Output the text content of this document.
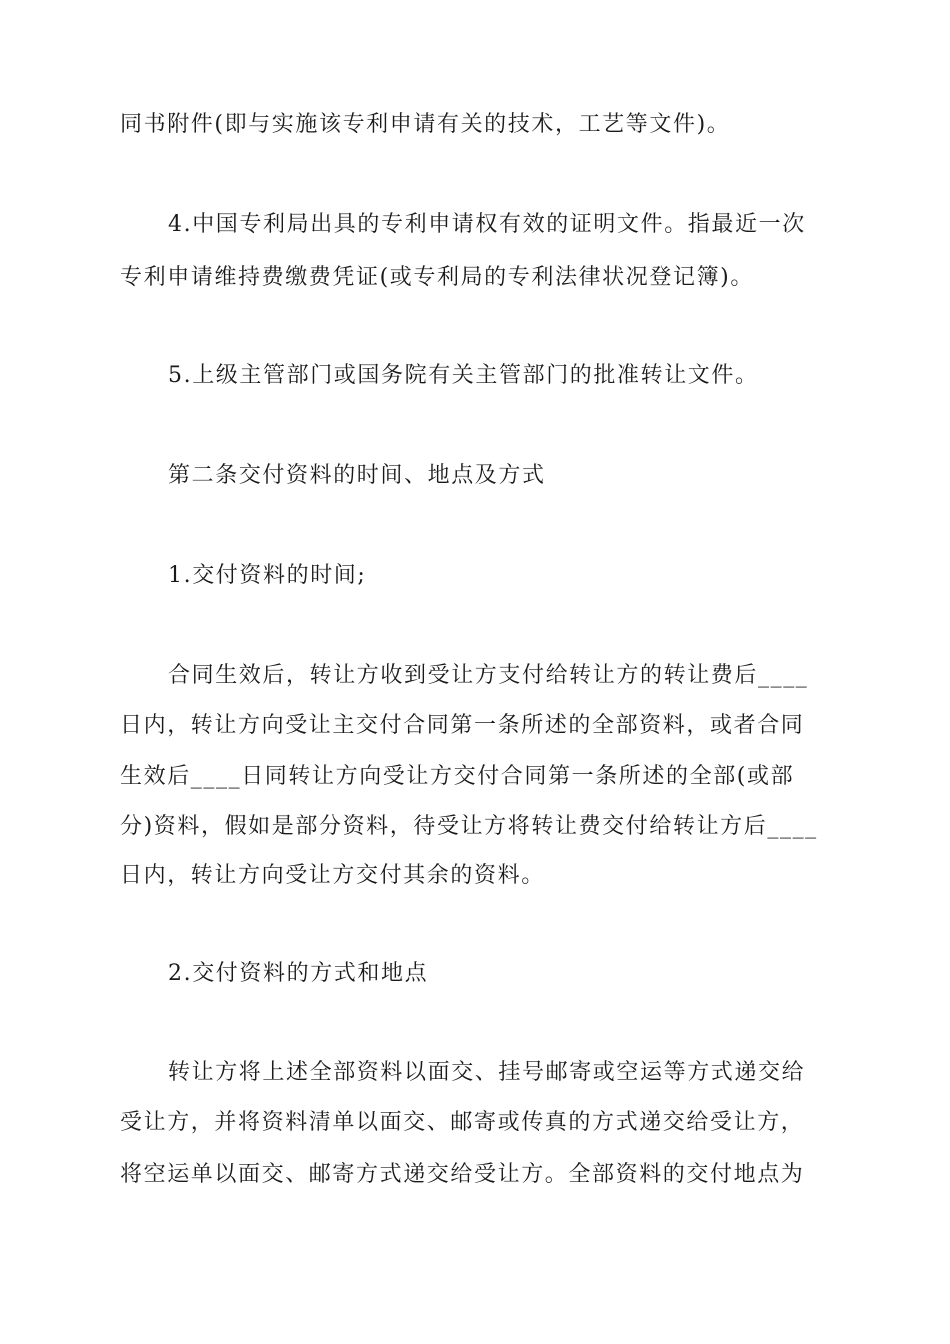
同书附件(即与实施该专利申请有关的技术，工艺等文件)。

4.中国专利局出具的专利申请权有效的证明文件。指最近一次

专利申请维持费缴费凭证(或专利局的专利法律状况登记簿)。

5.上级主管部门或国务院有关主管部门的批准转让文件。

第二条交付资料的时间、地点及方式

1.交付资料的时间;

合同生效后，转让方收到受让方支付给转让方的转让费后____

日内，转让方向受让主交付合同第一条所述的全部资料，或者合同

生效后____日同转让方向受让方交付合同第一条所述的全部(或部

分)资料，假如是部分资料，待受让方将转让费交付给转让方后____

日内，转让方向受让方交付其余的资料。

2.交付资料的方式和地点

转让方将上述全部资料以面交、挂号邮寄或空运等方式递交给

受让方，并将资料清单以面交、邮寄或传真的方式递交给受让方，

将空运单以面交、邮寄方式递交给受让方。全部资料的交付地点为
